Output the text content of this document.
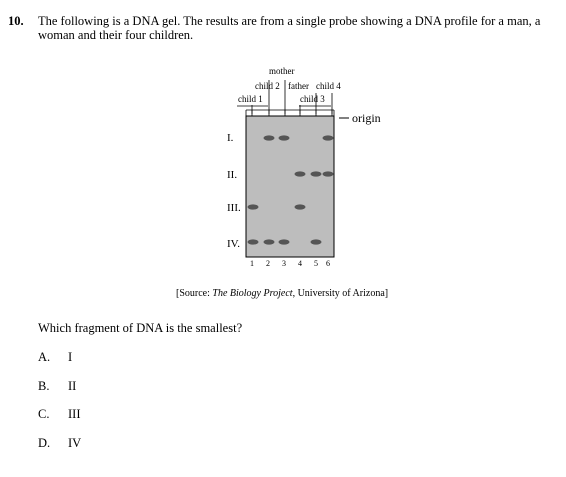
10. The following is a DNA gel. The results are from a single probe showing a DNA profile for a man, a woman and their four children.
mother
child 2 father child 4
child 1	child 3
origin
I.
II.
III.
IV.
1 2 3 4 5 6
[Source: The Biology Project, University of Arizona]
Which fragment of DNA is the smallest?
A. I
B. II
C. III
D. IV
